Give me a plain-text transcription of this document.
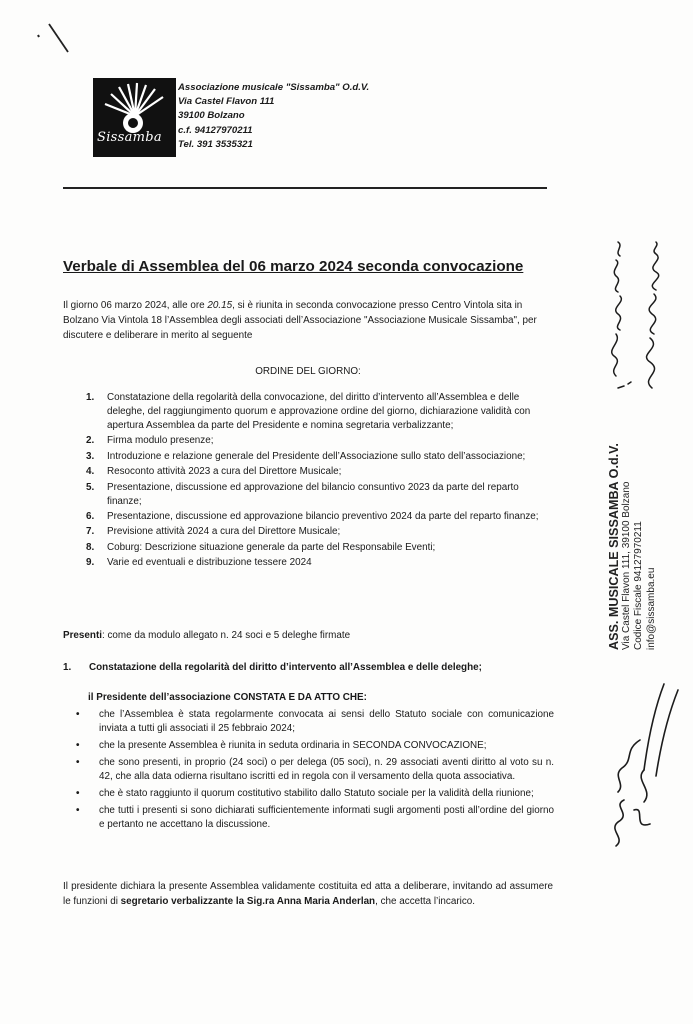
Sissamba
Associazione musicale "Sissamba" O.d.V.
Via Castel Flavon 111
39100 Bolzano
c.f. 94127970211
Tel. 391 3535321
Verbale di Assemblea del 06 marzo 2024 seconda convocazione
Il giorno 06 marzo 2024, alle ore 20.15, si è riunita in seconda convocazione presso Centro Vintola sita in Bolzano Via Vintola 18 l’Assemblea degli associati dell’Associazione "Associazione Musicale Sissamba", per discutere e deliberare in merito al seguente
ORDINE DEL GIORNO:
1. Constatazione della regolarità della convocazione, del diritto d’intervento all’Assemblea e delle deleghe, del raggiungimento quorum e approvazione ordine del giorno, dichiarazione validità con apertura Assemblea da parte del Presidente e nomina segretaria verbalizzante;
2. Firma modulo presenze;
3. Introduzione e relazione generale del Presidente dell’Associazione sullo stato dell’associazione;
4. Resoconto attività 2023 a cura del Direttore Musicale;
5. Presentazione, discussione ed approvazione del bilancio consuntivo 2023 da parte del reparto finanze;
6. Presentazione, discussione ed approvazione bilancio preventivo 2024 da parte del reparto finanze;
7. Previsione attività 2024 a cura del Direttore Musicale;
8. Coburg: Descrizione situazione generale da parte del Responsabile Eventi;
9. Varie ed eventuali e distribuzione tessere 2024
Presenti: come da modulo allegato n. 24 soci e 5 deleghe firmate
1. Constatazione della regolarità del diritto d’intervento all’Assemblea e delle deleghe;
il Presidente dell’associazione CONSTATA E DA ATTO CHE:
• che l’Assemblea è stata regolarmente convocata ai sensi dello Statuto sociale con comunicazione inviata a tutti gli associati il 25 febbraio 2024;
• che la presente Assemblea è riunita in seduta ordinaria in SECONDA CONVOCAZIONE;
• che sono presenti, in proprio (24 soci) o per delega (05 soci), n. 29 associati aventi diritto al voto su n. 42, che alla data odierna risultano iscritti ed in regola con il versamento della quota associativa.
• che è stato raggiunto il quorum costitutivo stabilito dallo Statuto sociale per la validità della riunione;
• che tutti i presenti si sono dichiarati sufficientemente informati sugli argomenti posti all’ordine del giorno e pertanto ne accettano la discussione.
Il presidente dichiara la presente Assemblea validamente costituita ed atta a deliberare, invitando ad assumere le funzioni di segretario verbalizzante la Sig.ra Anna Maria Anderlan, che accetta l’incarico.
ASS. MUSICALE SISSAMBA O.d.V. Via Castel Flavon 111, 39100 Bolzano Codice Fiscale 94127970211 info@sissamba.eu
